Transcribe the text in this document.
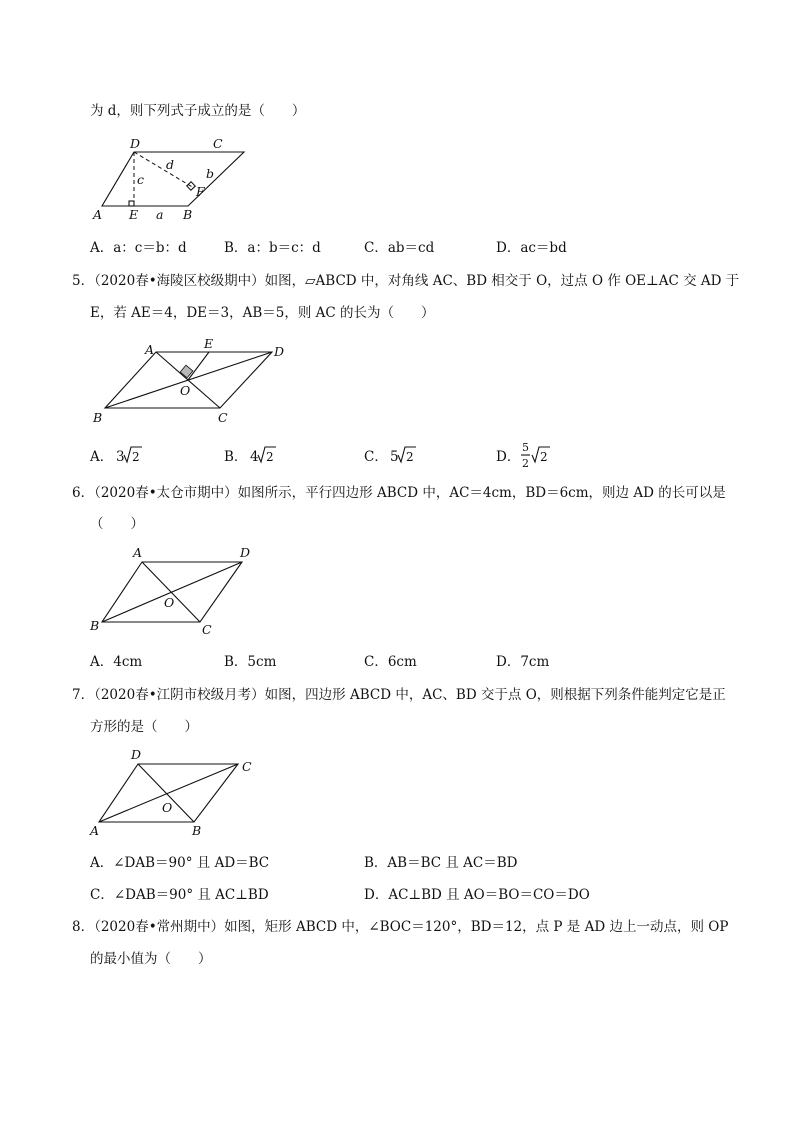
为 d，则下列式子成立的是（　　）
D	C
d
c	b
F
A E a B
A．a：c＝b：d	B．a：b＝c：d	C．ab＝cd	D．ac＝bd
5．（2020春•海陵区校级期中）如图，▱ABCD 中，对角线 AC、BD 相交于 O，过点 O 作 OE⊥AC 交 AD 于
E，若 AE＝4，DE＝3，AB＝5，则 AC 的长为（　　）
A	E
D
O
B	C
A． 3 2	B． 4 2	C． 5 2	D．
5
2 2
6．（2020春•太仓市期中）如图所示，平行四边形 ABCD 中，AC＝4cm，BD＝6cm，则边 AD 的长可以是
（　　）
A	D
O
B	C
A．4cm	B．5cm	C．6cm	D．7cm
7．（2020春•江阴市校级月考）如图，四边形 ABCD 中，AC、BD 交于点 O，则根据下列条件能判定它是正
方形的是（　　）
D
C
O
A	B
A．∠DAB＝90° 且 AD＝BC	B．AB＝BC 且 AC＝BD
C．∠DAB＝90° 且 AC⊥BD	D．AC⊥BD 且 AO＝BO＝CO＝DO
8．（2020春•常州期中）如图，矩形 ABCD 中，∠BOC＝120°，BD＝12，点 P 是 AD 边上一动点，则 OP
的最小值为（　　）
